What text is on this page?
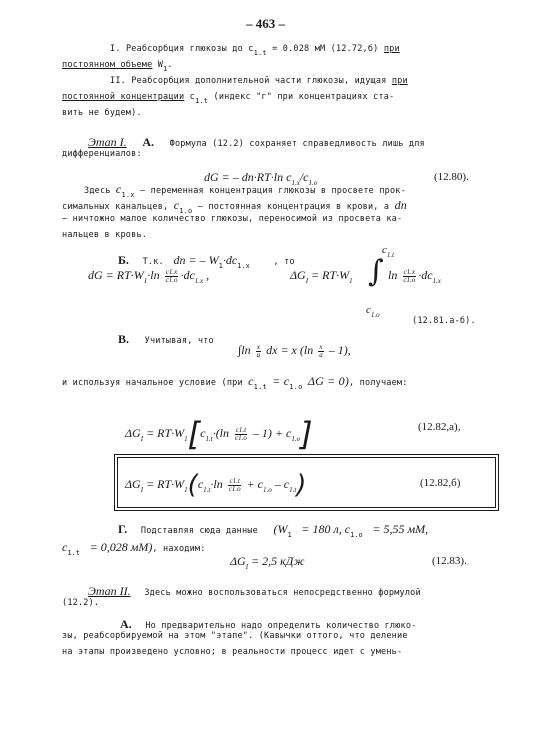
– 463 –
I. Реабсорбция глюкозы до $c_{1.t} = 0.028$ мМ (12.72,б) при
постоянном объеме $W_1$.
II. Реабсорбция дополнительной части глюкозы, идущая при
постоянной концентрации $c_{1.t}$ (индекс "г" при концентрациях ста-
вить не будем).
Этап I. А. Формула (12.2) сохраняет справедливость лишь для
дифференциалов:
dG = – dn·RT·ln $c_{1.x}/c_{1.o}$	(12.80).
Здесь $c_{1.x}$ – переменная концентрация глюкозы в просвете прок-
симальных канальцев, $c_{1.o}$ – постоянная концентрация в крови, а dn
– ничтожно малое количество глюкозы, переносимой из просвета ка-
нальцев в кровь.
Б. Т.к. dn = – $W_1\cdot dc_{1.x}$	, то
$c_{1.t}$
dG = $RT\cdot W_1\cdot\ln \frac{c1.x}{c1.o} \cdot dc_{1.x}$ ,	$\Delta G_I = RT\cdot W_1$ ∫ $\ln \frac{c1.x}{c1.o} \cdot dc_{1.x}$
$c_{1.o}$
(12.81.а-б).
В. Учитывая, что
$\int\ln \frac{x}{a}$ dx = x $(\ln \frac{x}{a} - 1)$,
и используя начальное условие (при $c_{1.t} = c_{1.o}$ ΔG = 0), получаем:
$\Delta G_I = RT\cdot W_1[c_{1.t}\cdot(\ln \frac{c1.t}{c1.o} - 1) + c_{1.o}]$	(12.82,а),
$\Delta G_I = RT\cdot W_1(c_{1.t}\cdot\ln \frac{c1.t}{c1.o} + c_{1.o} - c_{1.t})$	(12.82,б)
Г. Подставляя сюда данные ($W_1 = 180$ л, $c_{1.o} = 5,55$ мМ,
$c_{1.t} = 0,028$ мМ), находим:
$\Delta G_I = 2,5$ кДж	(12.83).
Этап II. Здесь можно воспользоваться непосредственно формулой
(12.2).
А. Но предварительно надо определить количество глюко-
зы, реабсорбируемой на этом "этапе". (Кавычки оттого, что деление
на этапы произведено условно; в реальности процесс идет с умень-
